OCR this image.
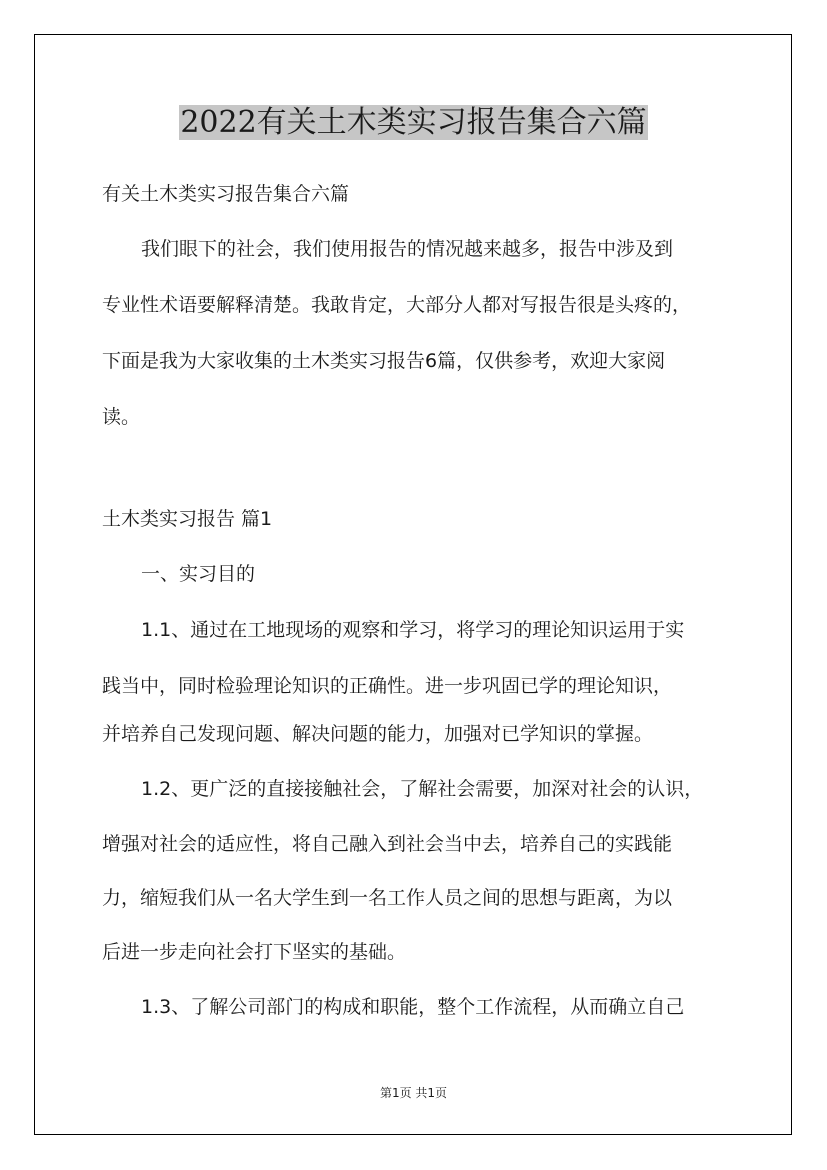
2022有关土木类实习报告集合六篇
有关土木类实习报告集合六篇
我们眼下的社会，我们使用报告的情况越来越多，报告中涉及到
专业性术语要解释清楚。我敢肯定，大部分人都对写报告很是头疼的，
下面是我为大家收集的土木类实习报告6篇，仅供参考，欢迎大家阅
读。
土木类实习报告 篇1
一、实习目的
1.1、通过在工地现场的观察和学习，将学习的理论知识运用于实
践当中，同时检验理论知识的正确性。进一步巩固已学的理论知识，
并培养自己发现问题、解决问题的能力，加强对已学知识的掌握。
1.2、更广泛的直接接触社会，了解社会需要，加深对社会的认识，
增强对社会的适应性，将自己融入到社会当中去，培养自己的实践能
力，缩短我们从一名大学生到一名工作人员之间的思想与距离，为以
后进一步走向社会打下坚实的基础。
1.3、了解公司部门的构成和职能，整个工作流程，从而确立自己
第1页 共1页
